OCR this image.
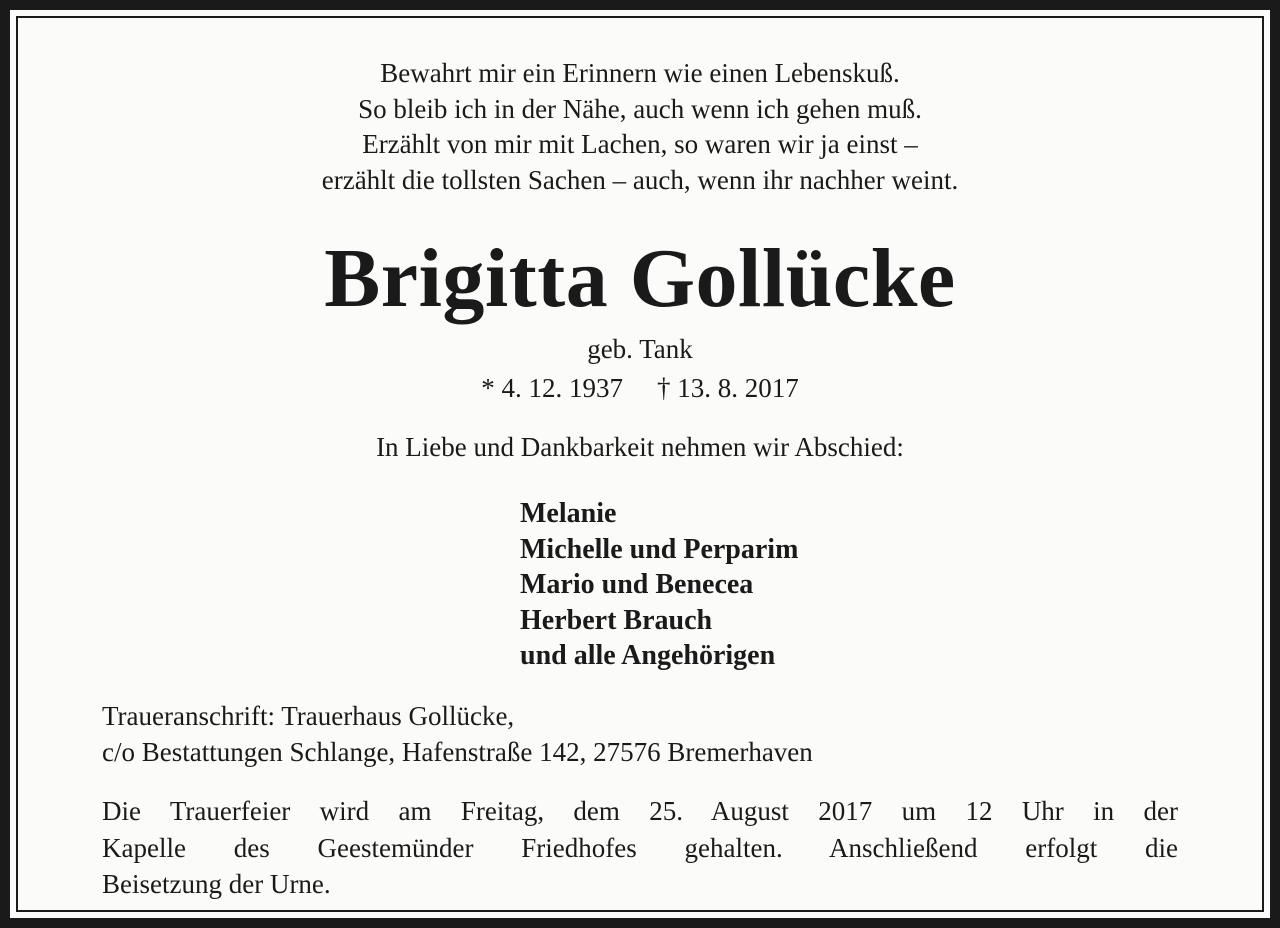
Bewahrt mir ein Erinnern wie einen Lebenskuß.
So bleib ich in der Nähe, auch wenn ich gehen muß.
Erzählt von mir mit Lachen, so waren wir ja einst –
erzählt die tollsten Sachen – auch, wenn ihr nachher weint.
Brigitta Gollücke
geb. Tank
* 4. 12. 1937 † 13. 8. 2017
In Liebe und Dankbarkeit nehmen wir Abschied:
Melanie
Michelle und Perparim
Mario und Benecea
Herbert Brauch
und alle Angehörigen
Traueranschrift: Trauerhaus Gollücke,
c/o Bestattungen Schlange, Hafenstraße 142, 27576 Bremerhaven
Die Trauerfeier wird am Freitag, dem 25. August 2017 um 12 Uhr in der
Kapelle des Geestemünder Friedhofes gehalten. Anschließend erfolgt die
Beisetzung der Urne.
